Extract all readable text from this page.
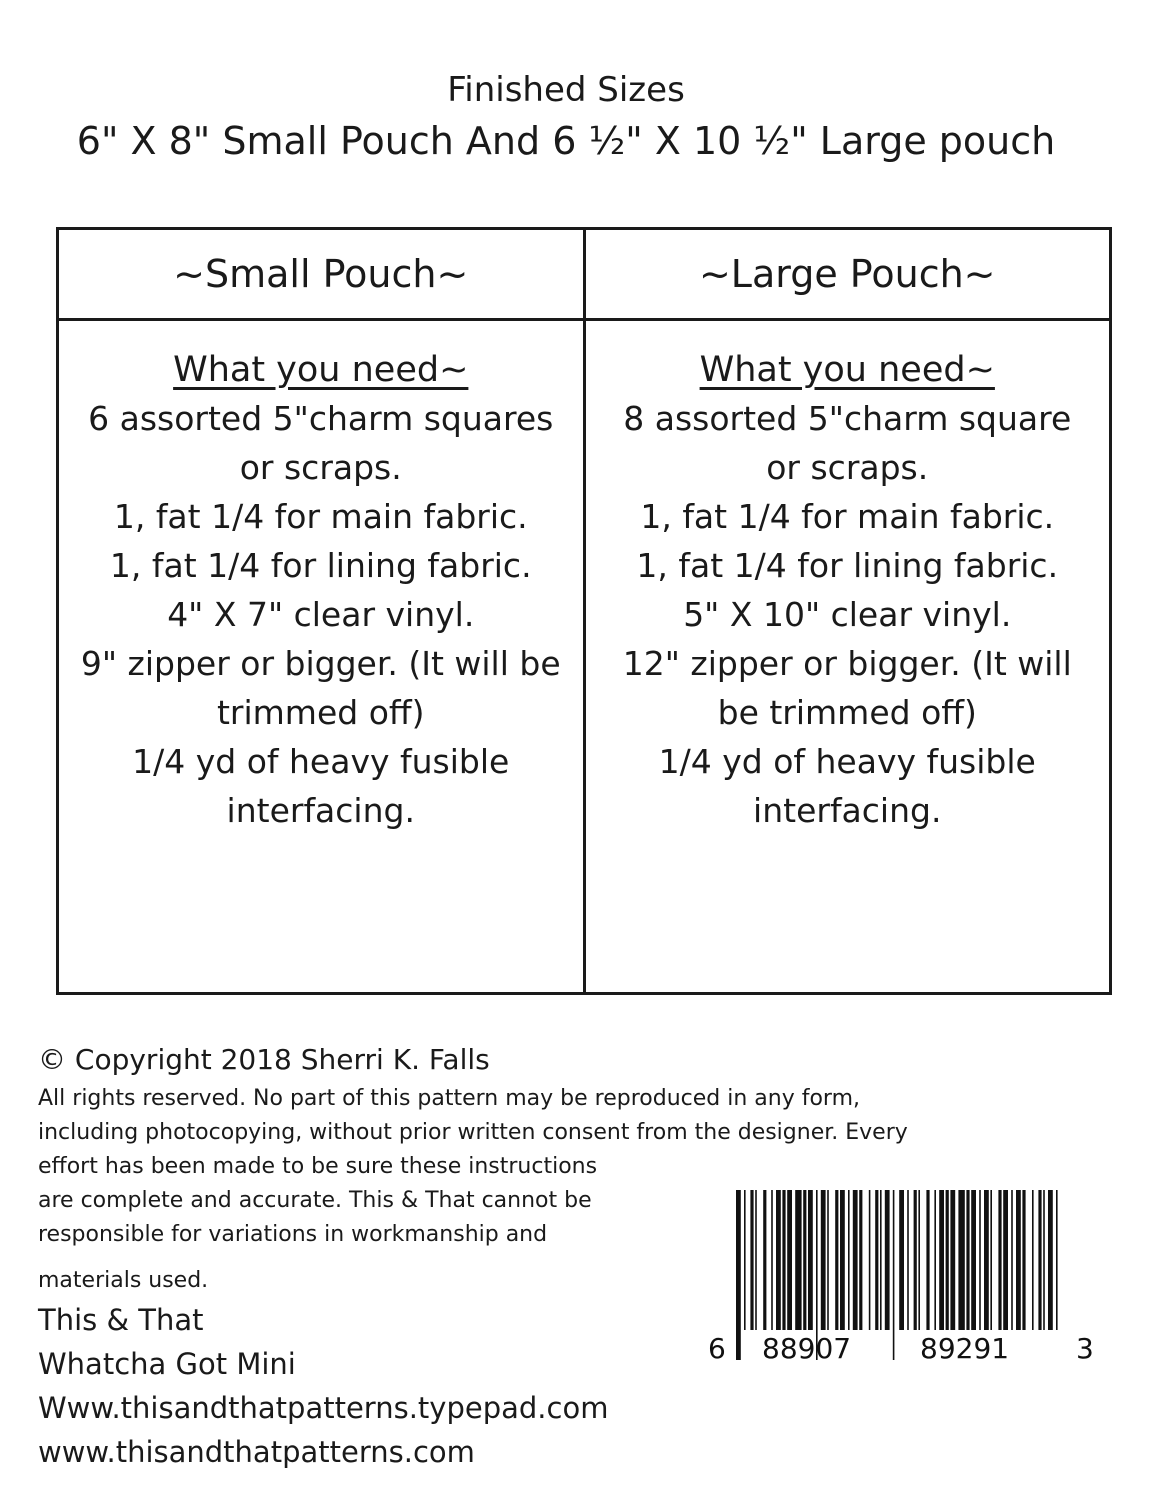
Finished Sizes
6" X 8" Small Pouch And 6 ½" X 10 ½" Large pouch
~Small Pouch~
What you need~
6 assorted 5"charm squares or scraps.
1, fat 1/4 for main fabric.
1, fat 1/4 for lining fabric.
4" X 7" clear vinyl.
9" zipper or bigger. (It will be trimmed off)
1/4 yd of heavy fusible interfacing.
~Large Pouch~
What you need~
8 assorted 5"charm square or scraps.
1, fat 1/4 for main fabric.
1, fat 1/4 for lining fabric.
5" X 10" clear vinyl.
12" zipper or bigger. (It will be trimmed off)
1/4 yd of heavy fusible interfacing.
© Copyright 2018 Sherri K. Falls
All rights reserved. No part of this pattern may be reproduced in any form,
including photocopying, without prior written consent from the designer. Every
effort has been made to be sure these instructions
are complete and accurate. This & That cannot be
responsible for variations in workmanship and
materials used.
This & That
Whatcha Got Mini
Www.thisandthatpatterns.typepad.com
www.thisandthatpatterns.com
6 88907 89291 3
